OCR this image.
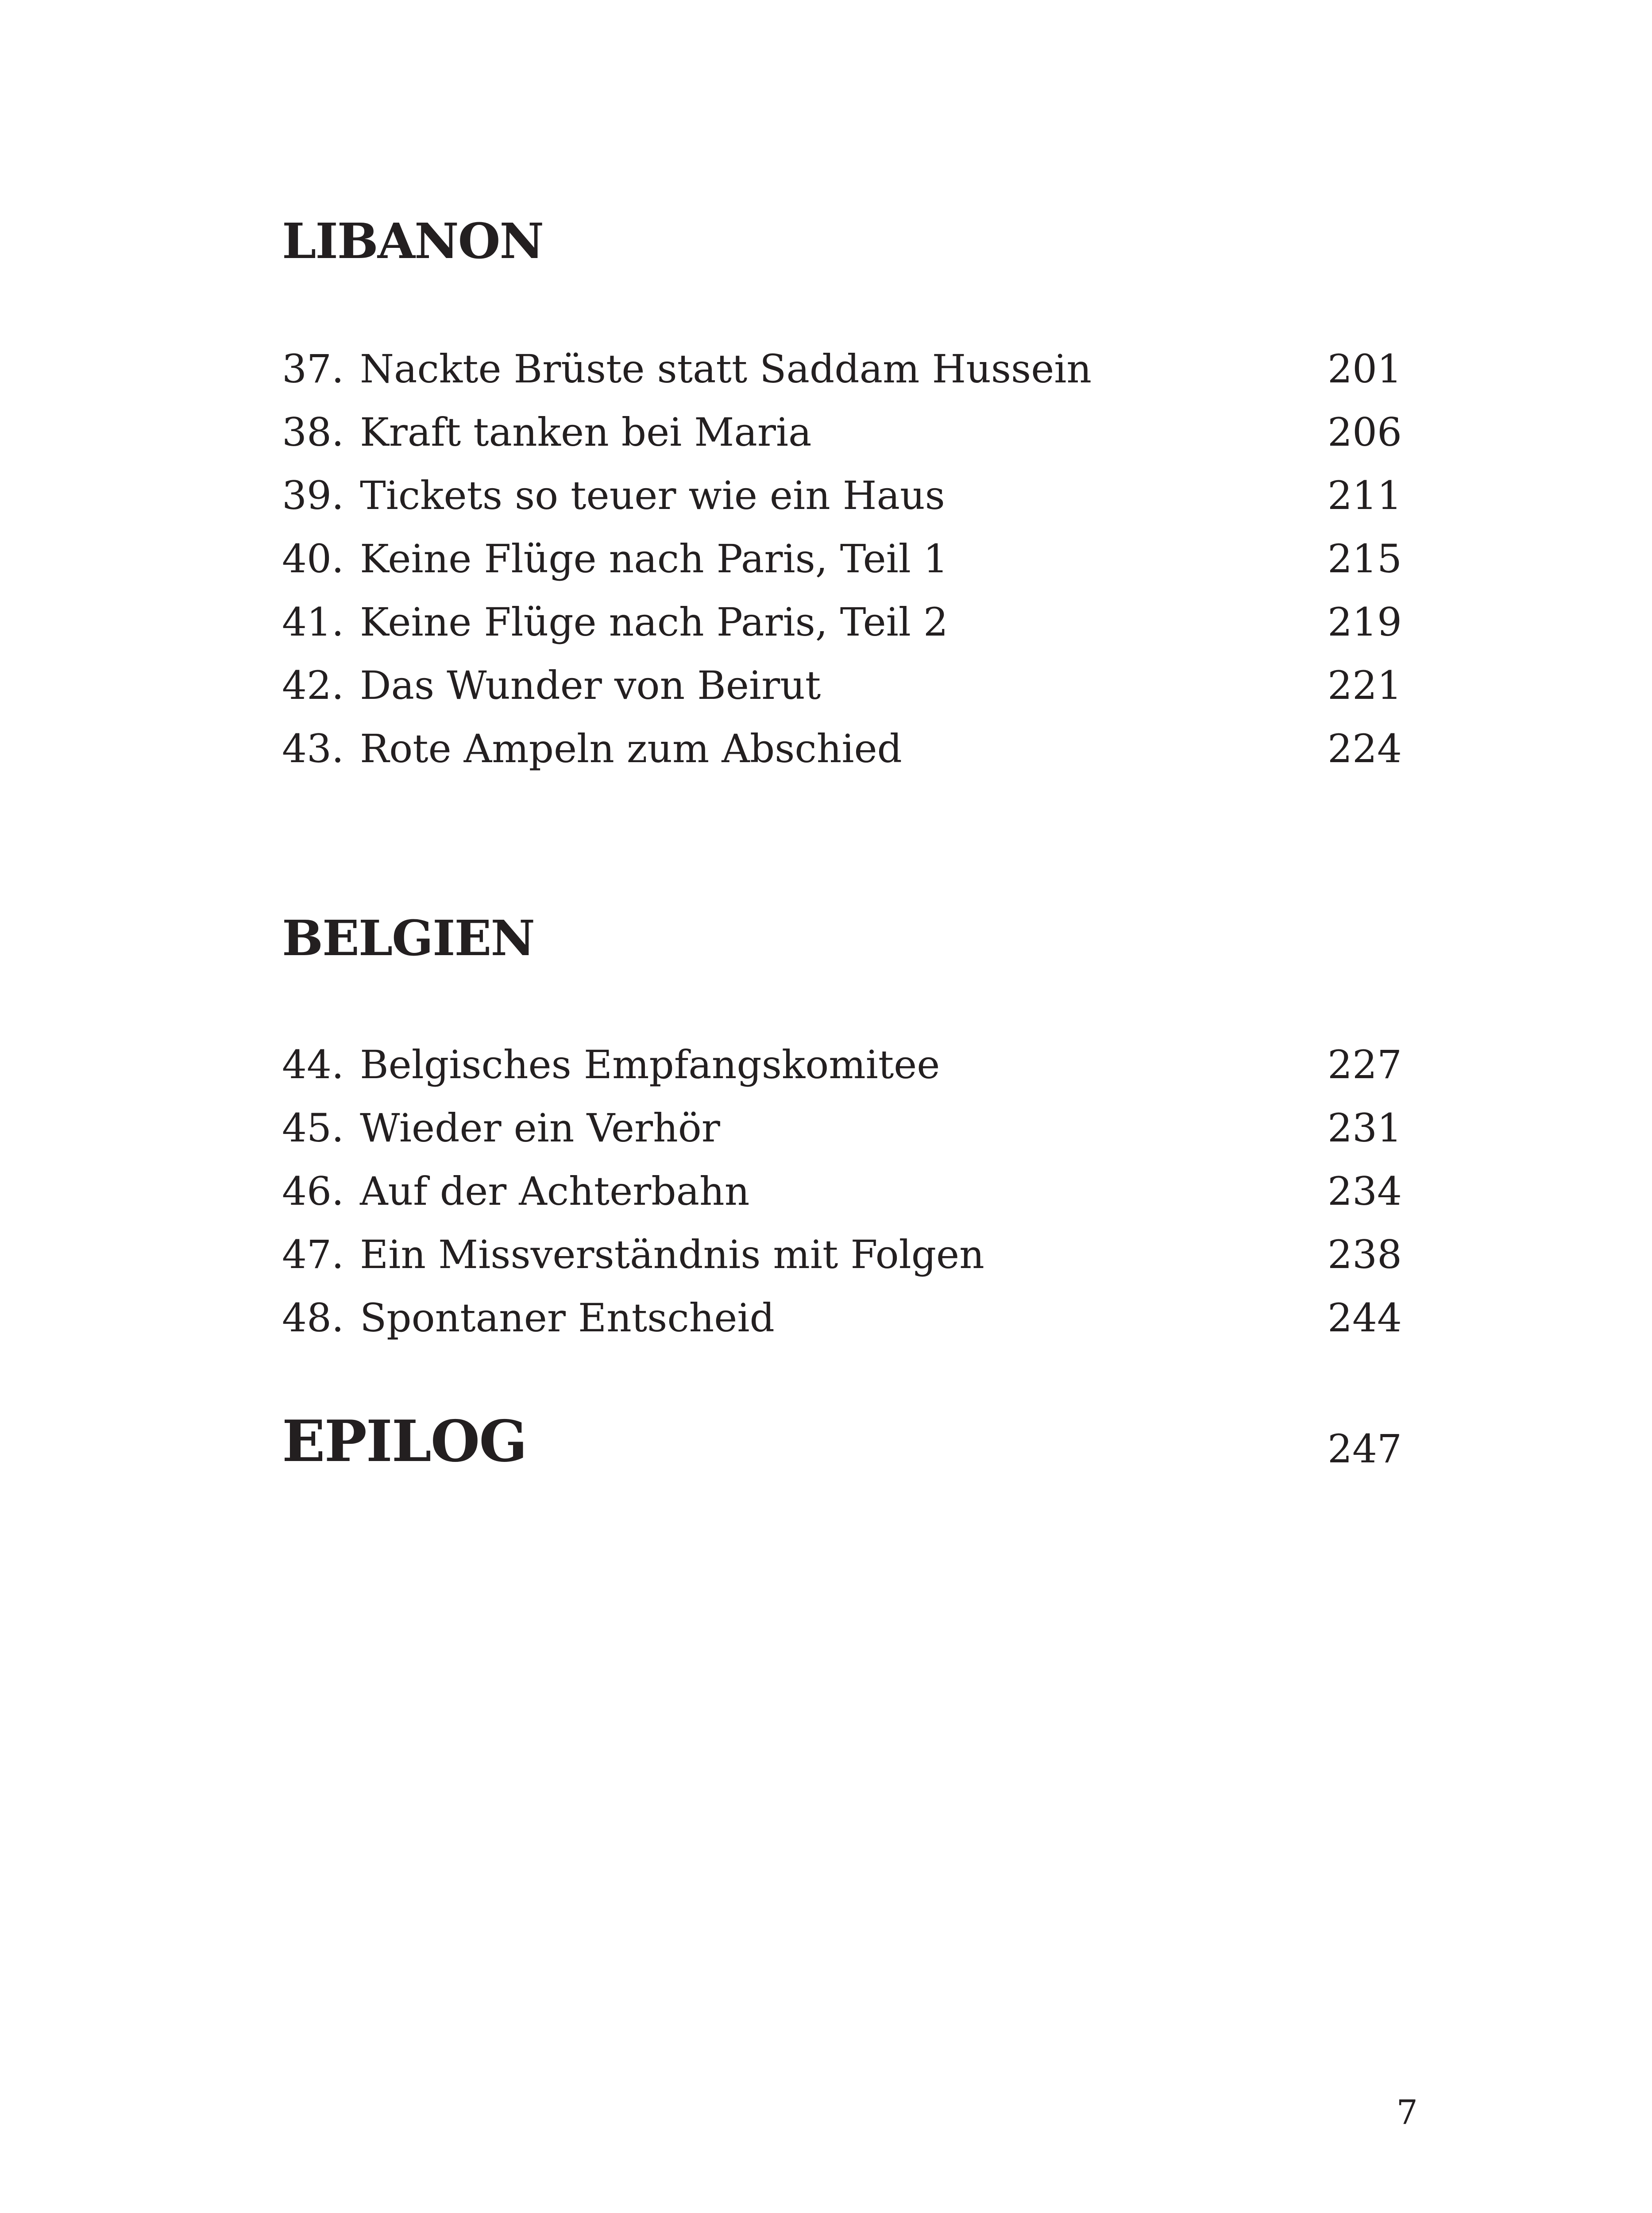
LIBANON
37. Nackte Brüste statt Saddam Hussein	201
38. Kraft tanken bei Maria	206
39. Tickets so teuer wie ein Haus	211
40. Keine Flüge nach Paris, Teil 1	215
41. Keine Flüge nach Paris, Teil 2	219
42. Das Wunder von Beirut	221
43. Rote Ampeln zum Abschied	224
BELGIEN
44. Belgisches Empfangskomitee	227
45. Wieder ein Verhör	231
46. Auf der Achterbahn	234
47. Ein Missverständnis mit Folgen	238
48. Spontaner Entscheid	244
EPILOG	247
7
